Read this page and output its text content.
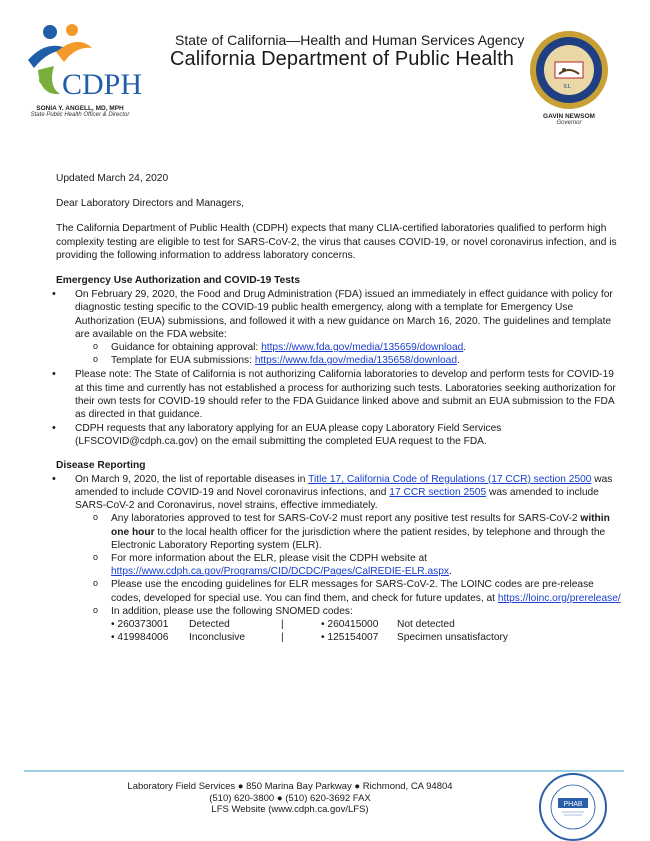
CDPH
SONIA Y. ANGELL, MD, MPH
State Public Health Officer & Director
State of California—Health and Human Services Agency
California Department of Public Health
XL
GAVIN NEWSOM
Governor
Updated March 24, 2020
Dear Laboratory Directors and Managers,
The California Department of Public Health (CDPH) expects that many CLIA-certified laboratories qualified to perform high complexity testing are eligible to test for SARS-CoV-2, the virus that causes COVID-19, or novel coronavirus infection, and is providing the following information to address laboratory concerns.
Emergency Use Authorization and COVID-19 Tests
• On February 29, 2020, the Food and Drug Administration (FDA) issued an immediately in effect guidance with policy for diagnostic testing specific to the COVID-19 public health emergency, along with a template for Emergency Use Authorization (EUA) submissions, and followed it with a new guidance on March 16, 2020. The guidelines and template are available on the FDA website:
o Guidance for obtaining approval: https://www.fda.gov/media/135659/download.
o Template for EUA submissions: https://www.fda.gov/media/135658/download.
• Please note: The State of California is not authorizing California laboratories to develop and perform tests for COVID-19 at this time and currently has not established a process for authorizing such tests. Laboratories seeking authorization for their own tests for COVID-19 should refer to the FDA Guidance linked above and submit an EUA submission to the FDA as directed in that guidance.
• CDPH requests that any laboratory applying for an EUA please copy Laboratory Field Services (LFSCOVID@cdph.ca.gov) on the email submitting the completed EUA request to the FDA.
Disease Reporting
• On March 9, 2020, the list of reportable diseases in Title 17, California Code of Regulations (17 CCR) section 2500 was amended to include COVID-19 and Novel coronavirus infections, and 17 CCR section 2505 was amended to include SARS-CoV-2 and Coronavirus, novel strains, effective immediately.
o Any laboratories approved to test for SARS-CoV-2 must report any positive test results for SARS-CoV-2 within one hour to the local health officer for the jurisdiction where the patient resides, by telephone and through the Electronic Laboratory Reporting system (ELR).
o For more information about the ELR, please visit the CDPH website at https://www.cdph.ca.gov/Programs/CID/DCDC/Pages/CalREDIE-ELR.aspx.
o Please use the encoding guidelines for ELR messages for SARS-CoV-2. The LOINC codes are pre-release codes, developed for special use. You can find them, and check for future updates, at https://loinc.org/prerelease/
o In addition, please use the following SNOMED codes:
• 260373001	Detected	|	• 260415000	Not detected
• 419984006	Inconclusive	|	• 125154007	Specimen unsatisfactory
Laboratory Field Services ● 850 Marina Bay Parkway ● Richmond, CA 94804
(510) 620-3800 ● (510) 620-3692 FAX
LFS Website (www.cdph.ca.gov/LFS)	PHAB
